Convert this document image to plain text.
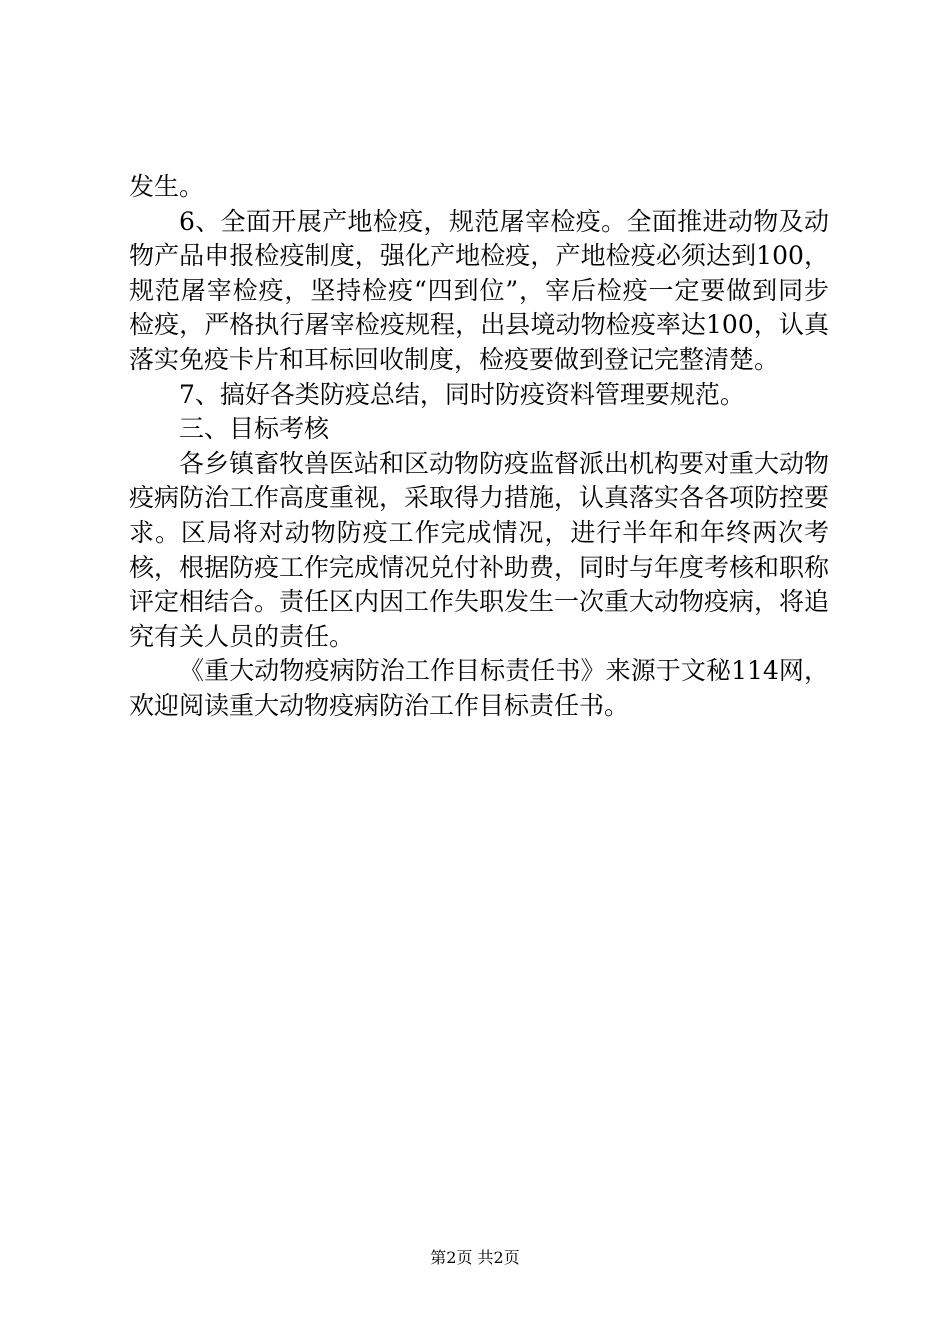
发生。

6、全面开展产地检疫，规范屠宰检疫。全面推进动物及动物产品申报检疫制度，强化产地检疫，产地检疫必须达到100，规范屠宰检疫，坚持检疫“四到位”，宰后检疫一定要做到同步检疫，严格执行屠宰检疫规程，出县境动物检疫率达100，认真落实免疫卡片和耳标回收制度，检疫要做到登记完整清楚。

7、搞好各类防疫总结，同时防疫资料管理要规范。

三、目标考核

各乡镇畜牧兽医站和区动物防疫监督派出机构要对重大动物疫病防治工作高度重视，采取得力措施，认真落实各各项防控要求。区局将对动物防疫工作完成情况，进行半年和年终两次考核，根据防疫工作完成情况兑付补助费，同时与年度考核和职称评定相结合。责任区内因工作失职发生一次重大动物疫病，将追究有关人员的责任。

《重大动物疫病防治工作目标责任书》来源于文秘114网，欢迎阅读重大动物疫病防治工作目标责任书。

第2页 共2页
